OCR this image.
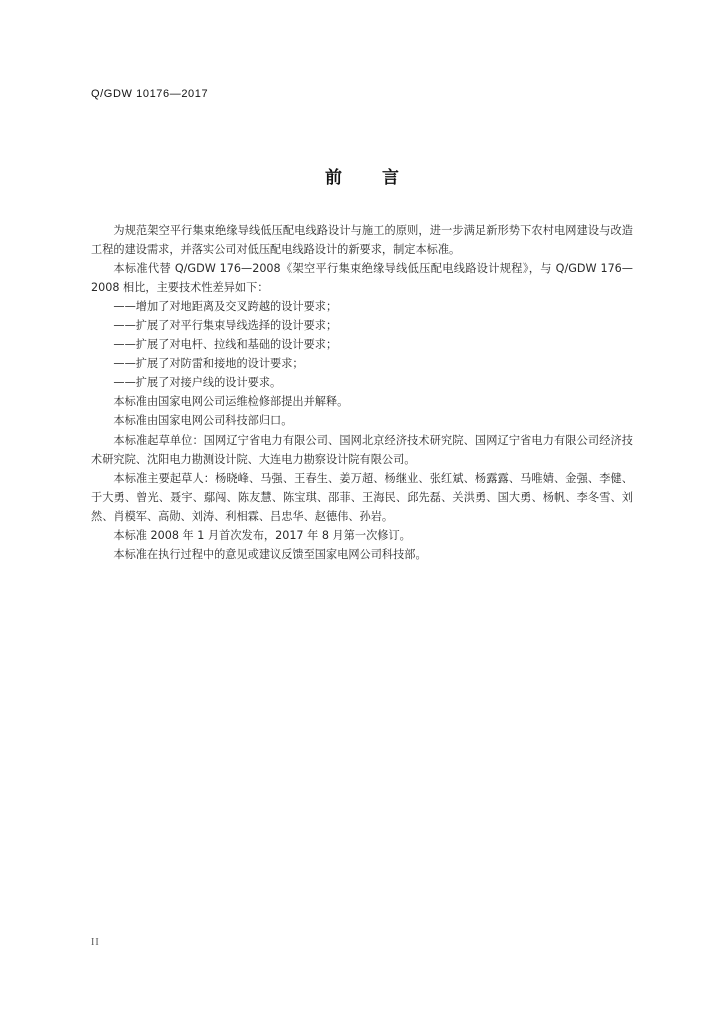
Q/GDW 10176—2017
前言

为规范架空平行集束绝缘导线低压配电线路设计与施工的原则，进一步满足新形势下农村电网建设与改造工程的建设需求，并落实公司对低压配电线路设计的新要求，制定本标准。

本标准代替 Q/GDW 176—2008《架空平行集束绝缘导线低压配电线路设计规程》，与 Q/GDW 176—2008 相比，主要技术性差异如下：

——增加了对地距离及交叉跨越的设计要求；

——扩展了对平行集束导线选择的设计要求；

——扩展了对电杆、拉线和基础的设计要求；

——扩展了对防雷和接地的设计要求；

——扩展了对接户线的设计要求。

本标准由国家电网公司运维检修部提出并解释。

本标准由国家电网公司科技部归口。

本标准起草单位：国网辽宁省电力有限公司、国网北京经济技术研究院、国网辽宁省电力有限公司经济技术研究院、沈阳电力勘测设计院、大连电力勘察设计院有限公司。

本标准主要起草人：杨晓峰、马强、王春生、姜万超、杨继业、张红斌、杨露露、马唯婧、金强、李健、于大勇、曾光、聂宇、鄢闯、陈友慧、陈宝琪、邵菲、王海民、邱先磊、关洪勇、国大勇、杨帆、李冬雪、刘然、肖模军、高勋、刘涛、利相霖、吕忠华、赵德伟、孙岩。

本标准 2008 年 1 月首次发布，2017 年 8 月第一次修订。

本标准在执行过程中的意见或建议反馈至国家电网公司科技部。

II
